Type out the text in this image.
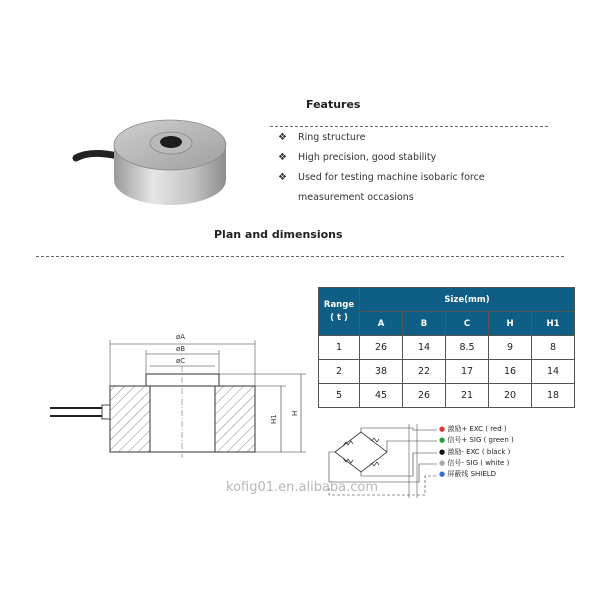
Features
❖ Ring structure
❖ High precision, good stability
❖ Used for testing machine isobaric force measurement occasions
Plan and dimensions
Range
( t )	Size(mm)				
	A	B	C	H	H1
1	26	14	8.5	9	8
2	38	22	17	16	14
5	45	26	21	20	18
øA
øB
øC
H1
H
● 激励+ EXC ( red )
● 信号+ SIG ( green )
● 激励- EXC ( black )
● 信号- SIG ( white )
● 屏蔽线 SHIELD
kofig01.en.alibaba.com
